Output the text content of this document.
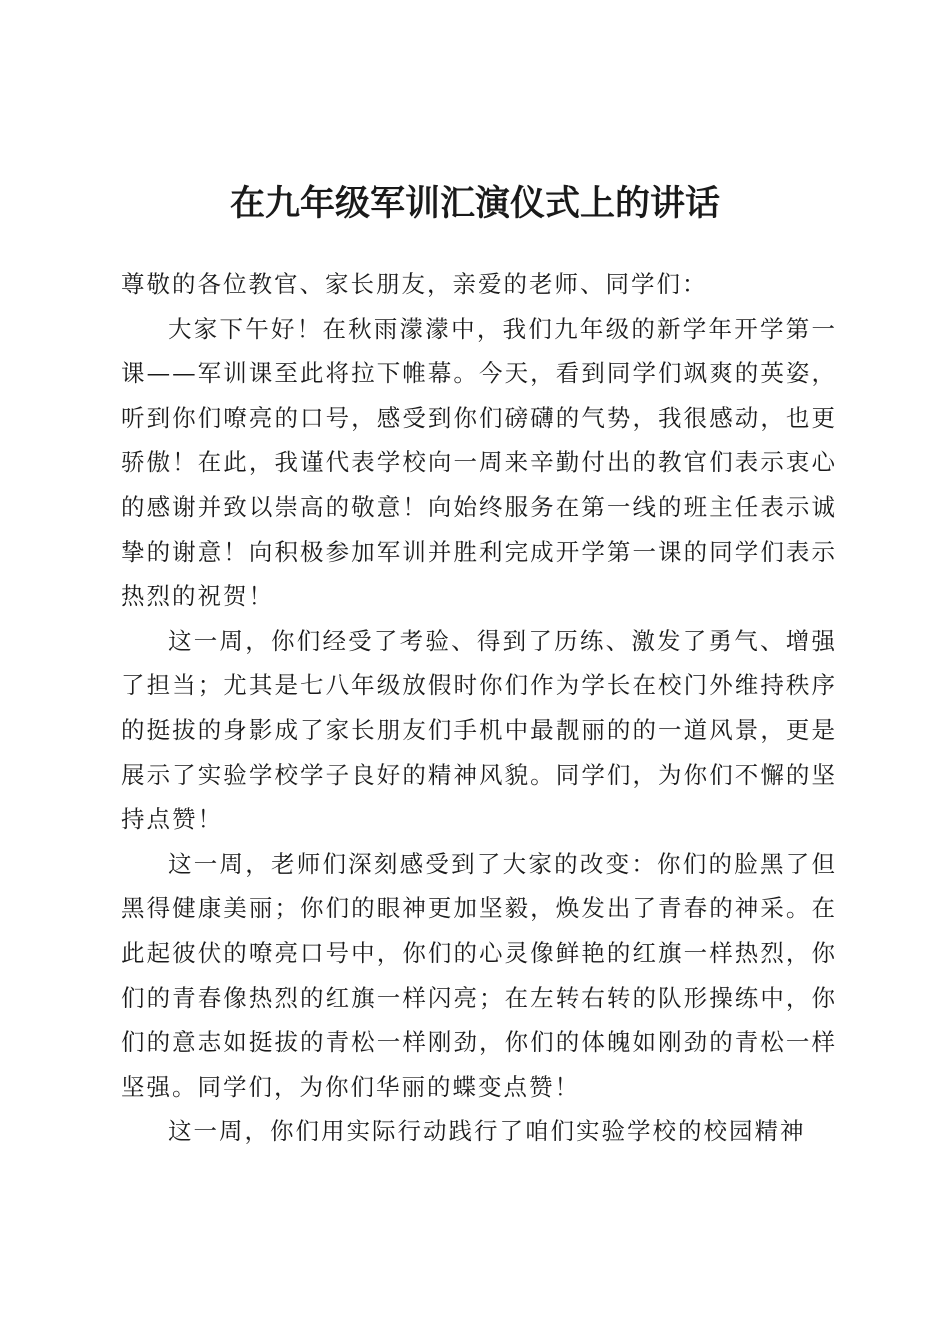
在九年级军训汇演仪式上的讲话

尊敬的各位教官、家长朋友，亲爱的老师、同学们：

大家下午好！在秋雨濛濛中，我们九年级的新学年开学第一课——军训课至此将拉下帷幕。今天，看到同学们飒爽的英姿，听到你们嘹亮的口号，感受到你们磅礴的气势，我很感动，也更骄傲！在此，我谨代表学校向一周来辛勤付出的教官们表示衷心的感谢并致以崇高的敬意！向始终服务在第一线的班主任表示诚挚的谢意！向积极参加军训并胜利完成开学第一课的同学们表示热烈的祝贺！

这一周，你们经受了考验、得到了历练、激发了勇气、增强了担当；尤其是七八年级放假时你们作为学长在校门外维持秩序的挺拔的身影成了家长朋友们手机中最靓丽的的一道风景，更是展示了实验学校学子良好的精神风貌。同学们，为你们不懈的坚持点赞！

这一周，老师们深刻感受到了大家的改变：你们的脸黑了但黑得健康美丽；你们的眼神更加坚毅，焕发出了青春的神采。在此起彼伏的嘹亮口号中，你们的心灵像鲜艳的红旗一样热烈，你们的青春像热烈的红旗一样闪亮；在左转右转的队形操练中，你们的意志如挺拔的青松一样刚劲，你们的体魄如刚劲的青松一样坚强。同学们，为你们华丽的蝶变点赞！

这一周，你们用实际行动践行了咱们实验学校的校园精神
